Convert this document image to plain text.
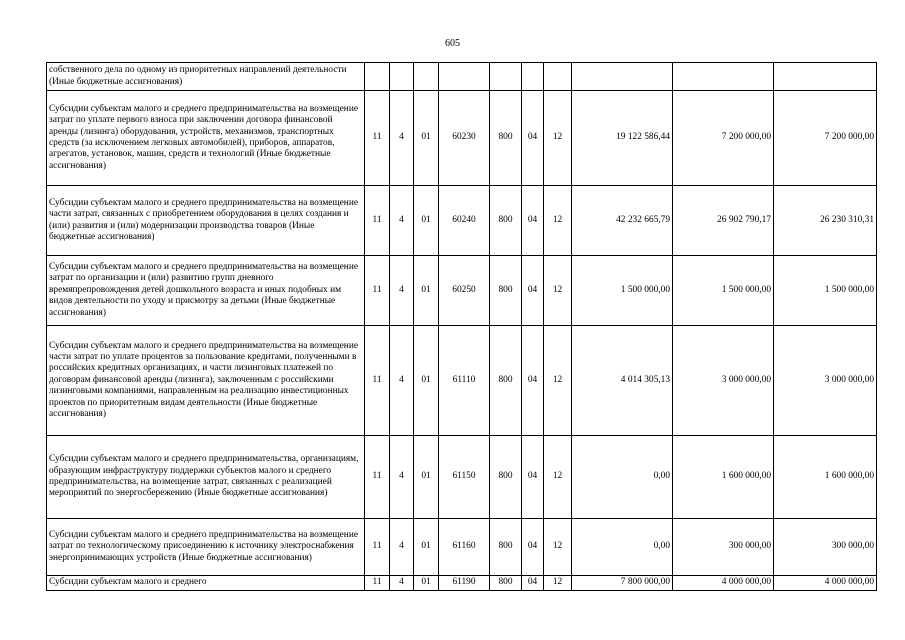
605
собственного дела по одному из приоритетных направлений деятельности (Иные бюджетные ассигнования)										
Субсидии субъектам малого и среднего предпринимательства на возмещение затрат по уплате первого взноса при заключении договора финансовой аренды (лизинга) оборудования, устройств, механизмов, транспортных средств (за исключением легковых автомобилей), приборов, аппаратов, агрегатов, установок, машин, средств и технологий (Иные бюджетные ассигнования)	11	4	01	60230	800	04	12	19 122 586,44	7 200 000,00	7 200 000,00
Субсидии субъектам малого и среднего предпринимательства на возмещение части затрат, связанных с приобретением оборудования в целях создания и (или) развития и (или) модернизации производства товаров (Иные бюджетные ассигнования)	11	4	01	60240	800	04	12	42 232 665,79	26 902 790,17	26 230 310,31
Субсидии субъектам малого и среднего предпринимательства на возмещение затрат по организации и (или) развитию групп дневного времяпрепровождения детей дошкольного возраста и иных подобных им видов деятельности по уходу и присмотру за детьми (Иные бюджетные ассигнования)	11	4	01	60250	800	04	12	1 500 000,00	1 500 000,00	1 500 000,00
Субсидии субъектам малого и среднего предпринимательства на возмещение части затрат по уплате процентов за пользование кредитами, полученными в российских кредитных организациях, и части лизинговых платежей по договорам финансовой аренды (лизинга), заключенным с российскими лизинговыми компаниями, направленным на реализацию инвестиционных проектов по приоритетным видам деятельности (Иные бюджетные ассигнования)	11	4	01	61110	800	04	12	4 014 305,13	3 000 000,00	3 000 000,00
Субсидии субъектам малого и среднего предпринимательства, организациям, образующим инфраструктуру поддержки субъектов малого и среднего предпринимательства, на возмещение затрат, связанных с реализацией мероприятий по энергосбережению (Иные бюджетные ассигнования)	11	4	01	61150	800	04	12	0,00	1 600 000,00	1 600 000,00
Субсидии субъектам малого и среднего предпринимательства на возмещение затрат по технологическому присоединению к источнику электроснабжения энергопринимающих устройств (Иные бюджетные ассигнования)	11	4	01	61160	800	04	12	0,00	300 000,00	300 000,00
Субсидии субъектам малого и среднего	11	4	01	61190	800	04	12	7 800 000,00	4 000 000,00	4 000 000,00
